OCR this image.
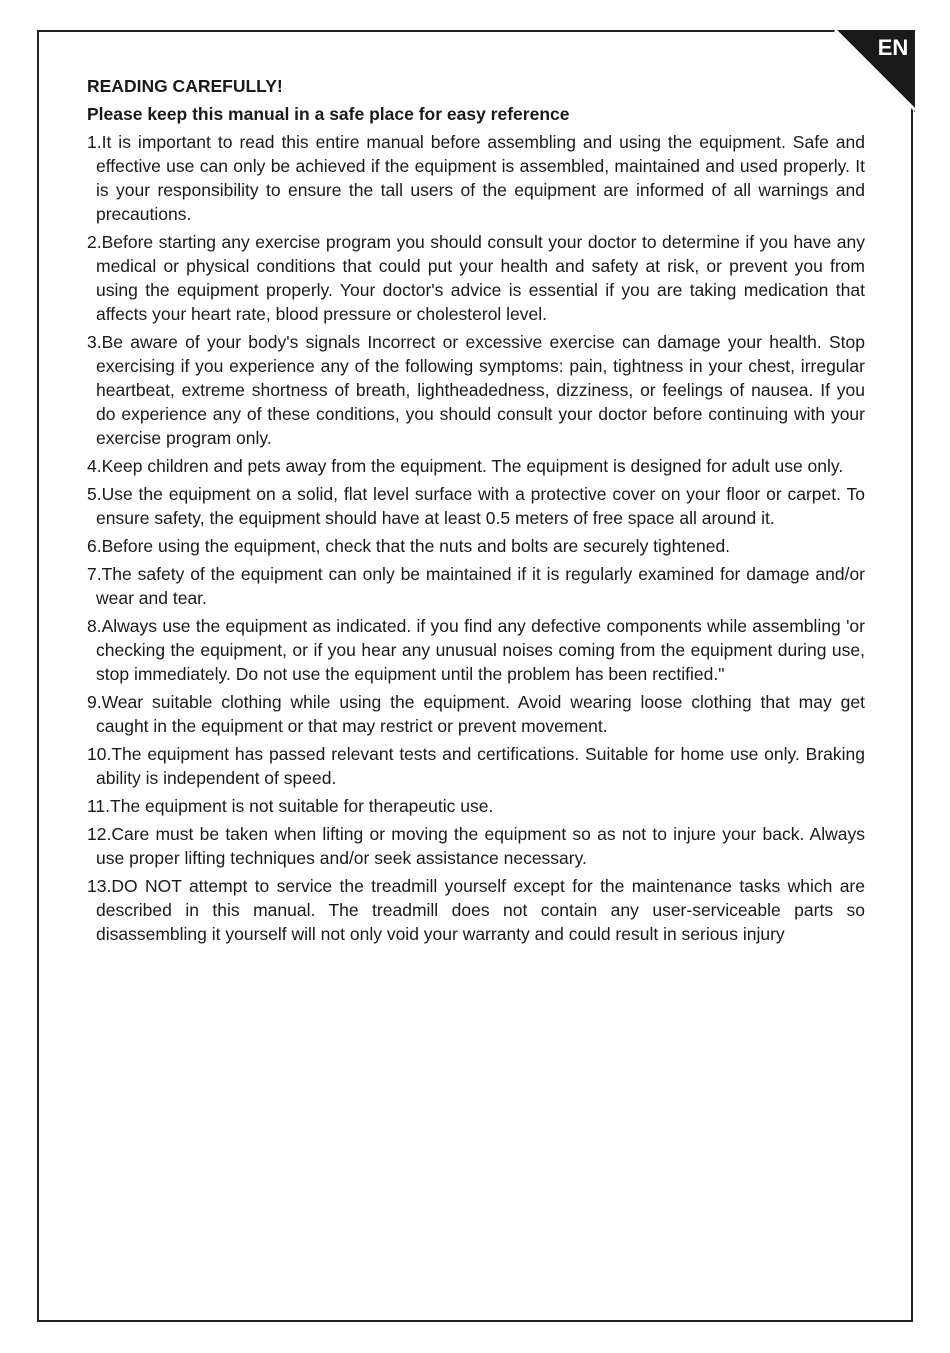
EN

READING CAREFULLY!

Please keep this manual in a safe place for easy reference

1.It is important to read this entire manual before assembling and using the equipment. Safe and effective use can only be achieved if the equipment is assembled, maintained and used properly. It is your responsibility to ensure the tall users of the equipment are informed of all warnings and precautions.

2.Before starting any exercise program you should consult your doctor to determine if you have any medical or physical conditions that could put your health and safety at risk, or prevent you from using the equipment properly. Your doctor's advice is essential if you are taking medication that affects your heart rate, blood pressure or cholesterol level.

3.Be aware of your body's signals Incorrect or excessive exercise can damage your health. Stop exercising if you experience any of the following symptoms: pain, tightness in your chest, irregular heartbeat, extreme shortness of breath, lightheadedness, dizziness, or feelings of nausea. If you do experience any of these conditions, you should consult your doctor before continuing with your exercise program only.

4.Keep children and pets away from the equipment. The equipment is designed for adult use only.

5.Use the equipment on a solid, flat level surface with a protective cover on your floor or carpet. To ensure safety, the equipment should have at least 0.5 meters of free space all around it.

6.Before using the equipment, check that the nuts and bolts are securely tightened.

7.The safety of the equipment can only be maintained if it is regularly examined for damage and/or wear and tear.

8.Always use the equipment as indicated. if you find any defective components while assembling 'or checking the equipment, or if you hear any unusual noises coming from the equipment during use, stop immediately. Do not use the equipment until the problem has been rectified."

9.Wear suitable clothing while using the equipment. Avoid wearing loose clothing that may get caught in the equipment or that may restrict or prevent movement.

10.The equipment has passed relevant tests and certifications. Suitable for home use only. Braking ability is independent of speed.

11.The equipment is not suitable for therapeutic use.

12.Care must be taken when lifting or moving the equipment so as not to injure your back. Always use proper lifting techniques and/or seek assistance necessary.

13.DO NOT attempt to service the treadmill yourself except for the maintenance tasks which are described in this manual. The treadmill does not contain any user-serviceable parts so disassembling it yourself will not only void your warranty and could result in serious injury
